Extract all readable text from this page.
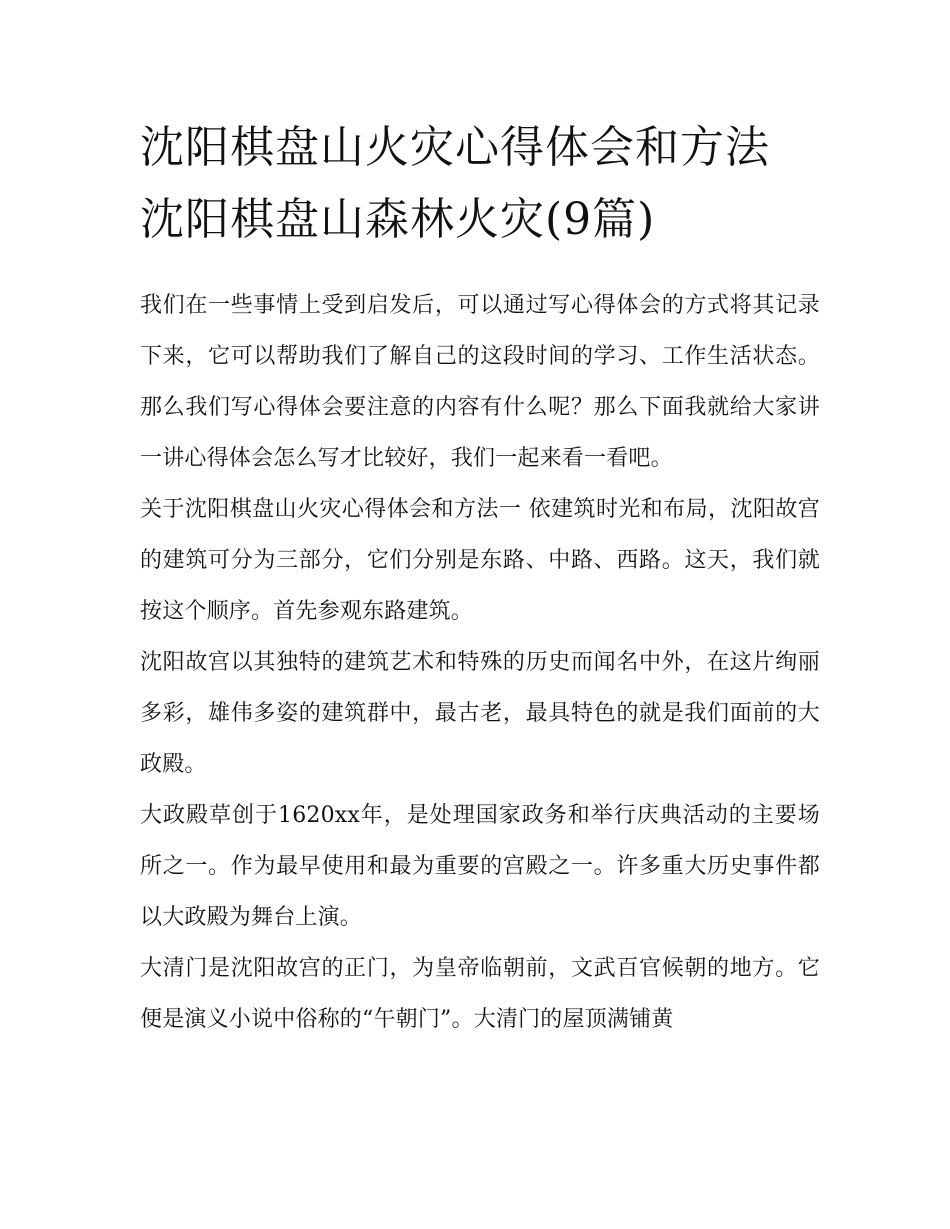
沈阳棋盘山火灾心得体会和方法 沈阳棋盘山森林火灾(9篇)

我们在一些事情上受到启发后，可以通过写心得体会的方式将其记录下来，它可以帮助我们了解自己的这段时间的学习、工作生活状态。那么我们写心得体会要注意的内容有什么呢？那么下面我就给大家讲一讲心得体会怎么写才比较好，我们一起来看一看吧。

关于沈阳棋盘山火灾心得体会和方法一 依建筑时光和布局，沈阳故宫的建筑可分为三部分，它们分别是东路、中路、西路。这天，我们就按这个顺序。首先参观东路建筑。

沈阳故宫以其独特的建筑艺术和特殊的历史而闻名中外，在这片绚丽多彩，雄伟多姿的建筑群中，最古老，最具特色的就是我们面前的大政殿。

大政殿草创于1620xx年，是处理国家政务和举行庆典活动的主要场所之一。作为最早使用和最为重要的宫殿之一。许多重大历史事件都以大政殿为舞台上演。

大清门是沈阳故宫的正门，为皇帝临朝前，文武百官候朝的地方。它便是演义小说中俗称的“午朝门”。大清门的屋顶满铺黄
